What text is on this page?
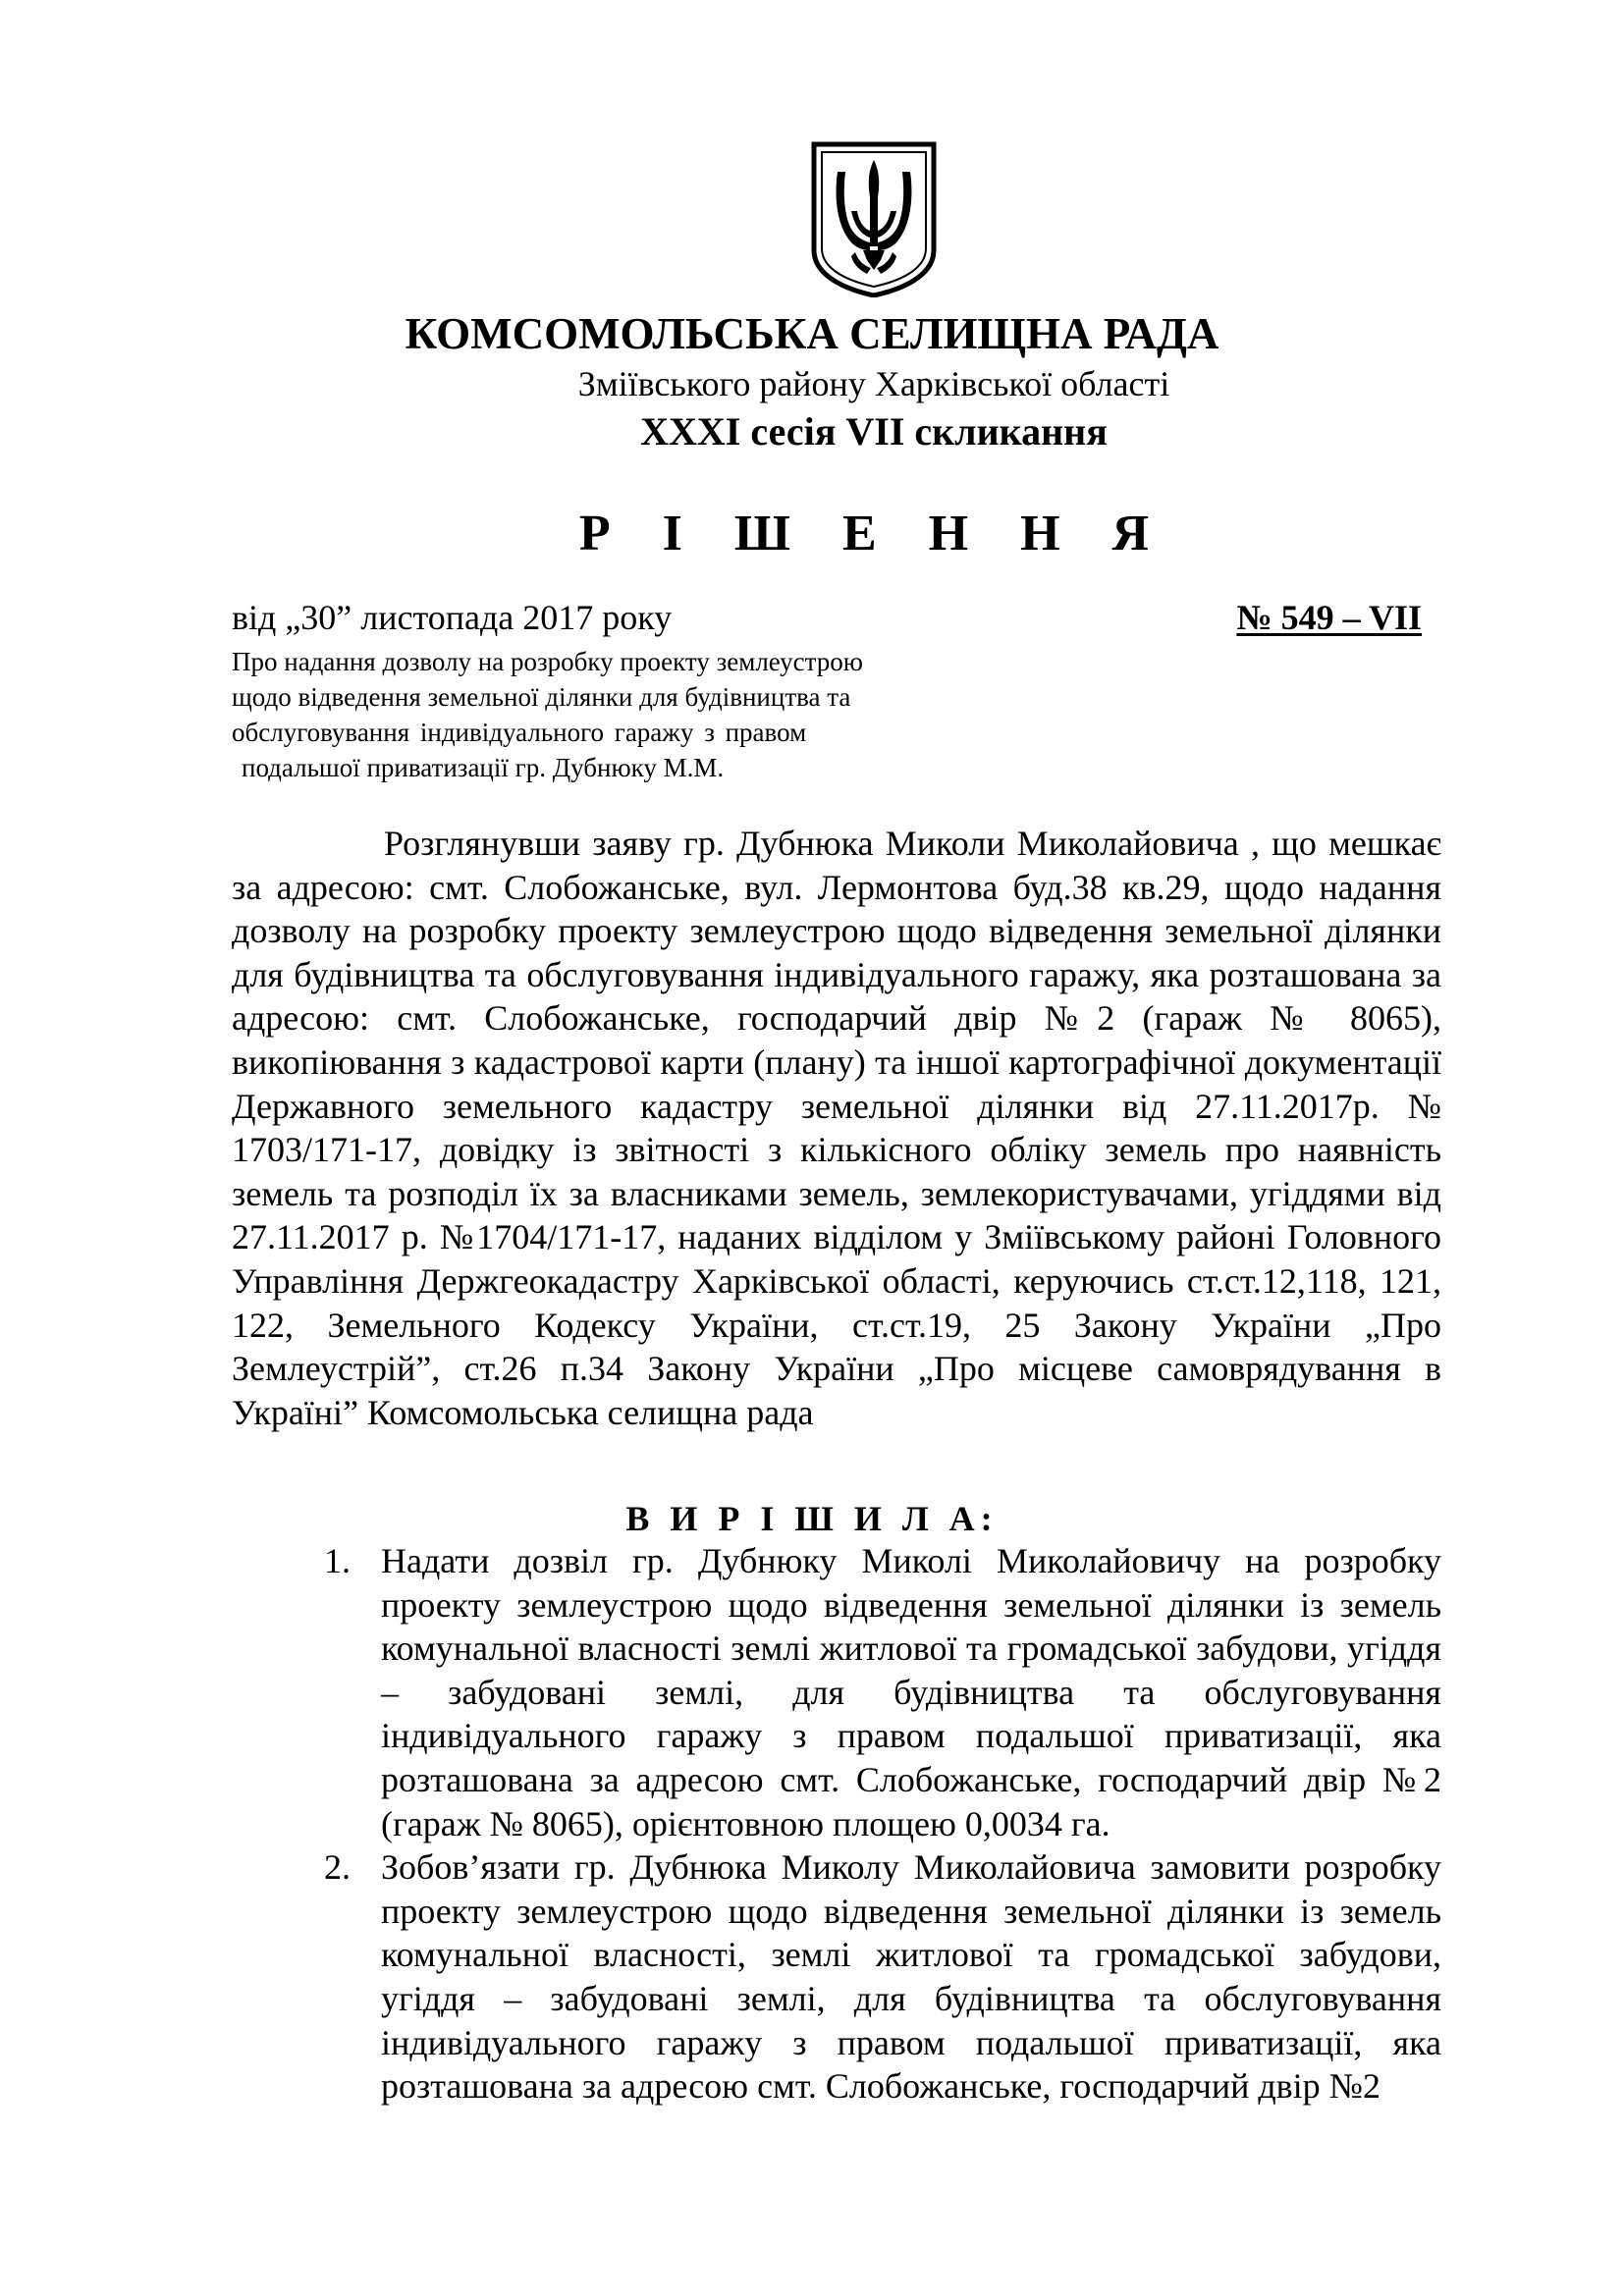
КОМСОМОЛЬСЬКА СЕЛИЩНА РАДА
Зміївського району Харківської області
XXXI сесія VII скликання
Р І Ш Е Н Н Я
від „30” листопада 2017 року	№ 549 – VII
Про надання дозволу на розробку проекту землеустрою
щодо відведення земельної ділянки для будівництва та
обслуговування індивідуального гаражу з правом
подальшої приватизації гр. Дубнюку М.М.

Розглянувши заяву гр. Дубнюка Миколи Миколайовича , що мешкає за адресою: смт. Слобожанське, вул. Лермонтова буд.38 кв.29, щодо надання дозволу на розробку проекту землеустрою щодо відведення земельної ділянки для будівництва та обслуговування індивідуального гаражу, яка розташована за адресою: смт. Слобожанське, господарчий двір №2 (гараж № 8065), викопіювання з кадастрової карти (плану) та іншої картографічної документації Державного земельного кадастру земельної ділянки від 27.11.2017р. № 1703/171-17, довідку із звітності з кількісного обліку земель про наявність земель та розподіл їх за власниками земель, землекористувачами, угіддями від 27.11.2017 р. №1704/171-17, наданих відділом у Зміївському районі Головного Управління Держгеокадастру Харківської області, керуючись ст.ст.12,118, 121, 122, Земельного Кодексу України, ст.ст.19, 25 Закону України „Про Землеустрій”, ст.26 п.34 Закону України „Про місцеве самоврядування в Україні” Комсомольська селищна рада

В И Р І Ш И Л А:
1. Надати дозвіл гр. Дубнюку Миколі Миколайовичу на розробку проекту землеустрою щодо відведення земельної ділянки із земель комунальної власності землі житлової та громадської забудови, угіддя – забудовані землі, для будівництва та обслуговування індивідуального гаражу з правом подальшої приватизації, яка розташована за адресою смт. Слобожанське, господарчий двір №2 (гараж № 8065), орієнтовною площею 0,0034 га.
2. Зобов’язати гр. Дубнюка Миколу Миколайовича замовити розробку проекту землеустрою щодо відведення земельної ділянки із земель комунальної власності, землі житлової та громадської забудови, угіддя – забудовані землі, для будівництва та обслуговування індивідуального гаражу з правом подальшої приватизації, яка розташована за адресою смт. Слобожанське, господарчий двір №2
